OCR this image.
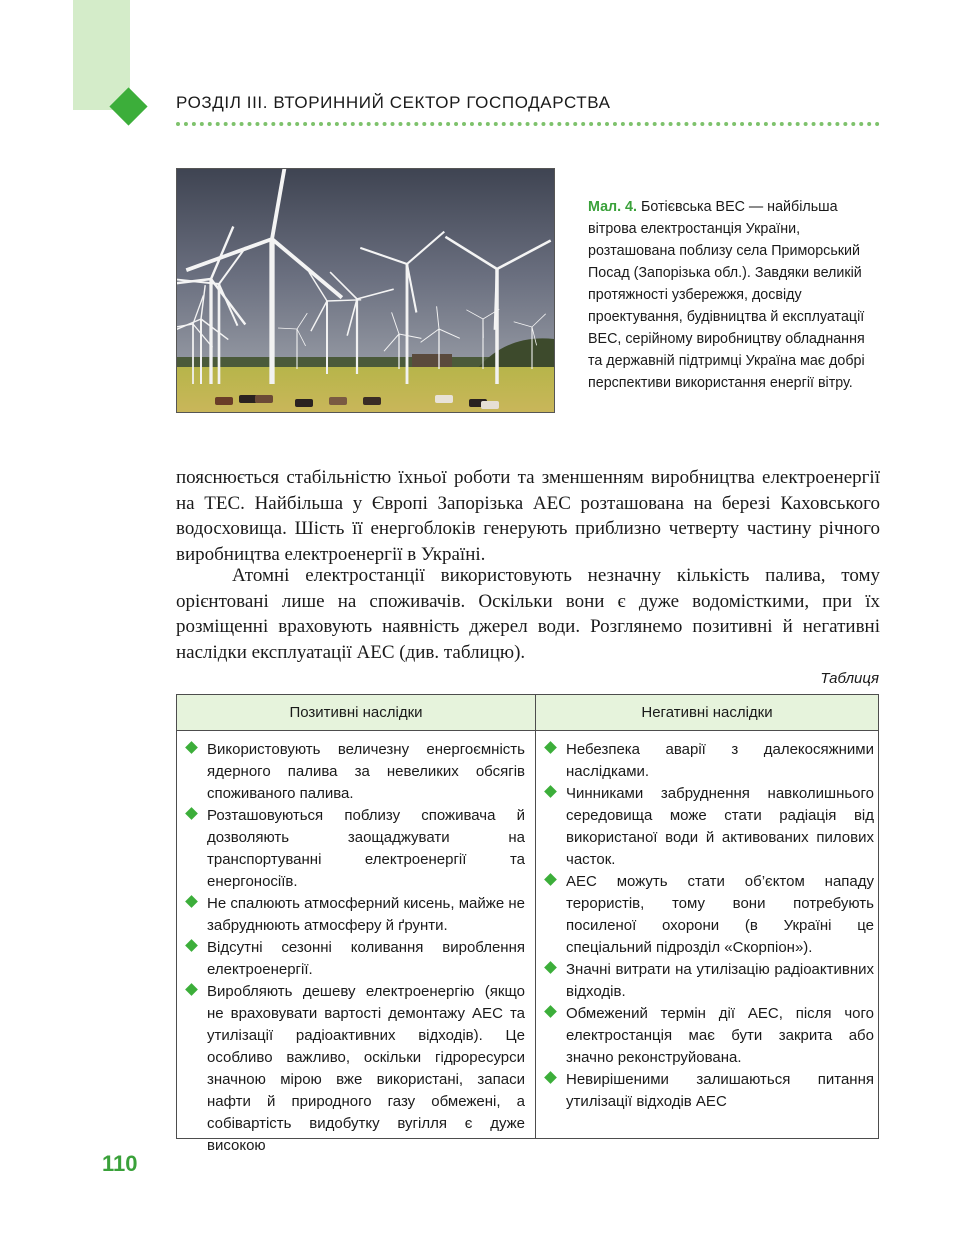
РОЗДІЛ III. ВТОРИННИЙ СЕКТОР ГОСПОДАРСТВА
Мал. 4. Ботієвська ВЕС — найбільша вітрова електростанція України, розташована поблизу села Приморський Посад (Запорізька обл.). Завдяки великій протяжності узбережжя, досвіду проектування, будівництва й експлуатації ВЕС, серійному виробництву обладнання та державній підтримці Україна має добрі перспективи використання енергії вітру.
пояснюється стабільністю їхньої роботи та зменшенням виробництва електроенергії на ТЕС. Найбільша у Європі Запорізька АЕС розташована на березі Каховського водосховища. Шість її енергоблоків генерують приблизно четверту частину річного виробництва електроенергії в Україні.
Атомні електростанції використовують незначну кількість палива, тому орієнтовані лише на споживачів. Оскільки вони є дуже водомісткими, при їх розміщенні враховують наявність джерел води. Розглянемо позитивні й негативні наслідки експлуатації АЕС (див. таблицю).
Таблиця
Позитивні наслідки	Негативні наслідки
Використовують величезну енергоємність ядерного палива за невеликих обсягів споживаного палива.
Розташовуються поблизу споживача й дозволяють заощаджувати на транспортуванні електроенергії та енергоносіїв.
Не спалюють атмосферний кисень, майже не забруднюють атмосферу й ґрунти.
Відсутні сезонні коливання вироблення електроенергії.
Виробляють дешеву електроенергію (якщо не враховувати вартості демонтажу АЕС та утилізації радіоактивних відходів). Це особливо важливо, оскільки гідроресурси значною мірою вже використані, запаси нафти й природного газу обмежені, а собівартість видобутку вугілля є дуже високою
Небезпека аварії з далекосяжними наслідками.
Чинниками забруднення навколишнього середовища може стати радіація від використаної води й активованих пилових часток.
АЕС можуть стати об’єктом нападу терористів, тому вони потребують посиленої охорони (в Україні це спеціальний підрозділ «Скорпіон»).
Значні витрати на утилізацію радіоактивних відходів.
Обмежений термін дії АЕС, після чого електростанція має бути закрита або значно реконструйована.
Невирішеними залишаються питання утилізації відходів АЕС
110
